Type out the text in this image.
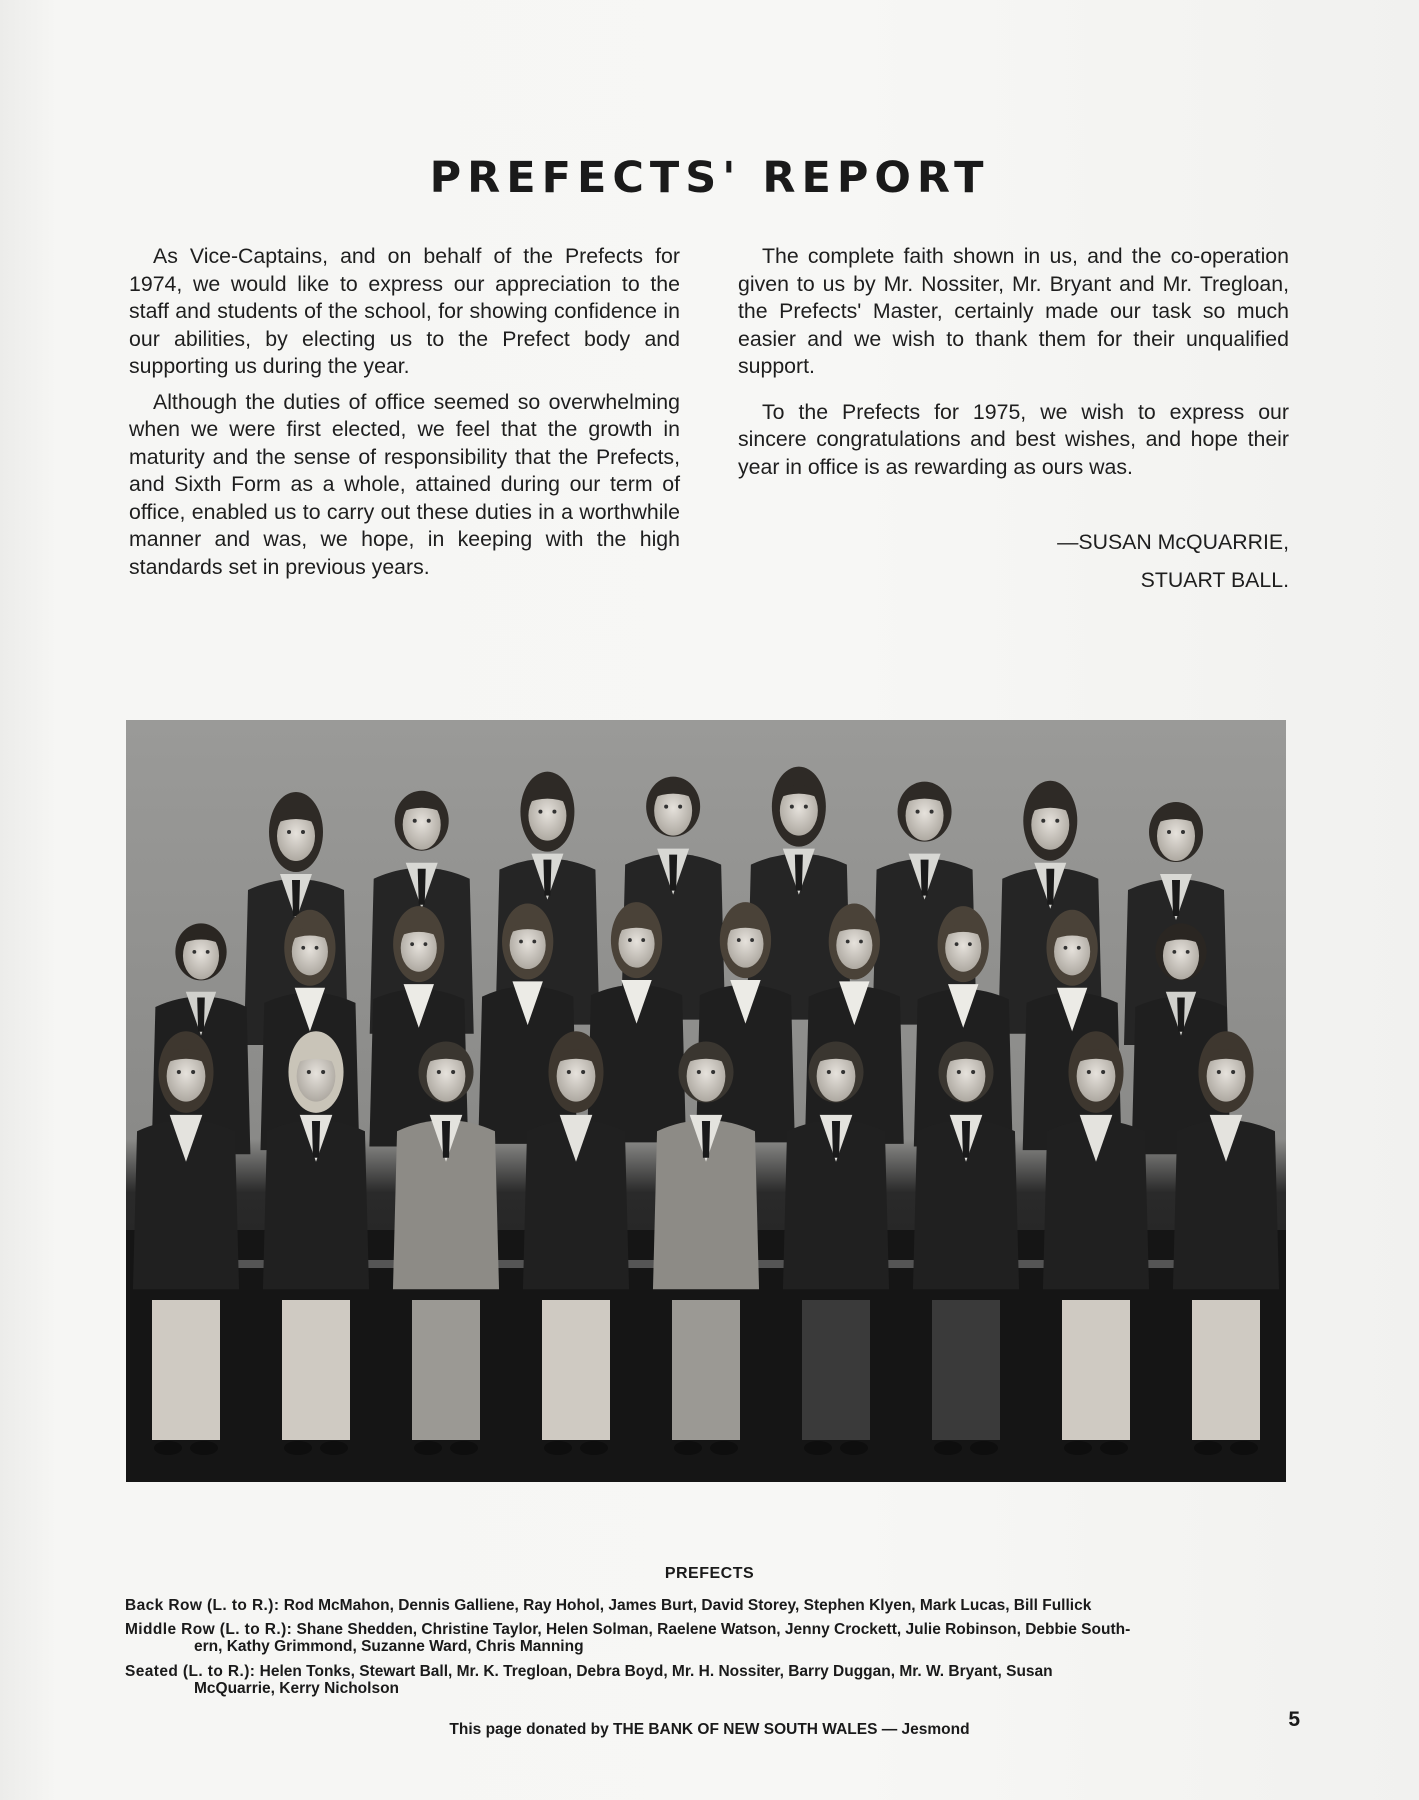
PREFECTS' REPORT

As Vice-Captains, and on behalf of the Prefects for 1974, we would like to express our appreciation to the staff and students of the school, for showing confidence in our abilities, by electing us to the Prefect body and supporting us during the year.

Although the duties of office seemed so overwhelming when we were first elected, we feel that the growth in maturity and the sense of responsibility that the Prefects, and Sixth Form as a whole, attained during our term of office, enabled us to carry out these duties in a worthwhile manner and was, we hope, in keeping with the high standards set in previous years.

The complete faith shown in us, and the co-operation given to us by Mr. Nossiter, Mr. Bryant and Mr. Tregloan, the Prefects' Master, certainly made our task so much easier and we wish to thank them for their unqualified support.

To the Prefects for 1975, we wish to express our sincere congratulations and best wishes, and hope their year in office is as rewarding as ours was.

—SUSAN McQUARRIE,

STUART BALL.

PREFECTS
Back Row (L. to R.): Rod McMahon, Dennis Galliene, Ray Hohol, James Burt, David Storey, Stephen Klyen, Mark Lucas, Bill Fullick
Middle Row (L. to R.): Shane Shedden, Christine Taylor, Helen Solman, Raelene Watson, Jenny Crockett, Julie Robinson, Debbie South-
ern, Kathy Grimmond, Suzanne Ward, Chris Manning
Seated (L. to R.): Helen Tonks, Stewart Ball, Mr. K. Tregloan, Debra Boyd, Mr. H. Nossiter, Barry Duggan, Mr. W. Bryant, Susan
McQuarrie, Kerry Nicholson
This page donated by THE BANK OF NEW SOUTH WALES — Jesmond	5
